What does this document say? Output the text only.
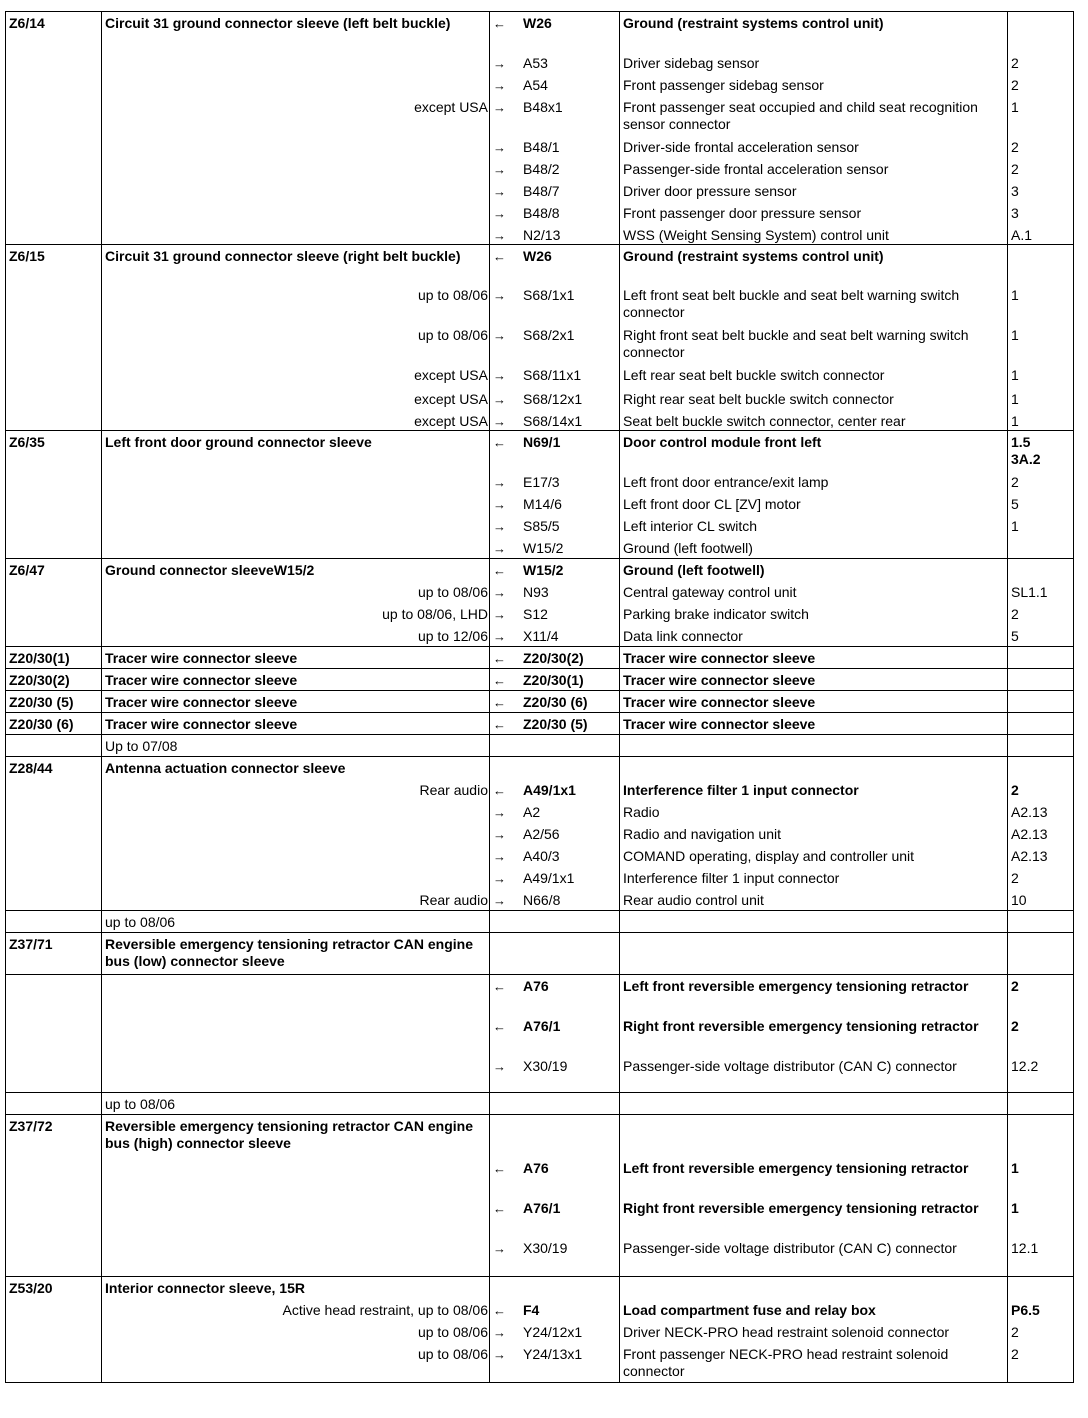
Z6/14	Circuit 31 ground connector sleeve (left belt buckle)	← W26		Ground (restraint systems control unit)	

	→ A53		Driver sidebag sensor	2

	→ A54		Front passenger sidebag sensor	2

	except USA	→ B48x1		Front passenger seat occupied and child seat recognition sensor connector	1

	→ B48/1		Driver-side frontal acceleration sensor	2

	→ B48/2		Passenger-side frontal acceleration sensor	2

	→ B48/7		Driver door pressure sensor	3

	→ B48/8		Front passenger door pressure sensor	3

	→ N2/13		WSS (Weight Sensing System) control unit	A.1
Z6/15	Circuit 31 ground connector sleeve (right belt buckle)	← W26		Ground (restraint systems control unit)	

	up to 08/06	→ S68/1x1		Left front seat belt buckle and seat belt warning switch connector	1

	up to 08/06	→ S68/2x1		Right front seat belt buckle and seat belt warning switch connector	1

	except USA	→ S68/11x1		Left rear seat belt buckle switch connector	1

	except USA	→ S68/12x1		Right rear seat belt buckle switch connector	1

	except USA	→ S68/14x1		Seat belt buckle switch connector, center rear	1
Z6/35	Left front door ground connector sleeve	← N69/1		Door control module front left	1.5
3A.2

	→ E17/3		Left front door entrance/exit lamp	2

	→ M14/6		Left front door CL [ZV] motor	5

	→ S85/5		Left interior CL switch	1

	→ W15/2		Ground (left footwell)	
Z6/47	Ground connector sleeveW15/2	← W15/2		Ground (left footwell)	

	up to 08/06	→ N93		Central gateway control unit	SL1.1

	up to 08/06, LHD	→ S12		Parking brake indicator switch	2

	up to 12/06	→ X11/4		Data link connector	5
Z20/30(1)	Tracer wire connector sleeve	← Z20/30(2)		Tracer wire connector sleeve	
Z20/30(2)	Tracer wire connector sleeve	← Z20/30(1)		Tracer wire connector sleeve	
Z20/30 (5)	Tracer wire connector sleeve	← Z20/30 (6)		Tracer wire connector sleeve	
Z20/30 (6)	Tracer wire connector sleeve	← Z20/30 (5)		Tracer wire connector sleeve	

Up to 07/08

Z28/44	Antenna actuation connector sleeve			

	Rear audio	← A49/1x1		Interference filter 1 input connector	2

	→ A2		Radio	A2.13

	→ A2/56		Radio and navigation unit	A2.13

	→ A40/3		COMAND operating, display and controller unit	A2.13

	→ A49/1x1		Interference filter 1 input connector	2

	Rear audio	→ N66/8		Rear audio control unit	10

up to 08/06

Z37/71	Reversible emergency tensioning retractor CAN engine bus (low) connector sleeve			

	← A76		Left front reversible emergency tensioning retractor	2

	← A76/1		Right front reversible emergency tensioning retractor	2

	→ X30/19		Passenger-side voltage distributor (CAN C) connector	12.2

up to 08/06

Z37/72	Reversible emergency tensioning retractor CAN engine bus (high) connector sleeve			

	← A76		Left front reversible emergency tensioning retractor	1

	← A76/1		Right front reversible emergency tensioning retractor	1

	→ X30/19		Passenger-side voltage distributor (CAN C) connector	12.1
Z53/20	Interior connector sleeve, 15R			

	Active head restraint, up to 08/06	← F4		Load compartment fuse and relay box	P6.5

	up to 08/06	→ Y24/12x1		Driver NECK-PRO head restraint solenoid connector	2

	up to 08/06	→ Y24/13x1		Front passenger NECK-PRO head restraint solenoid connector	2
